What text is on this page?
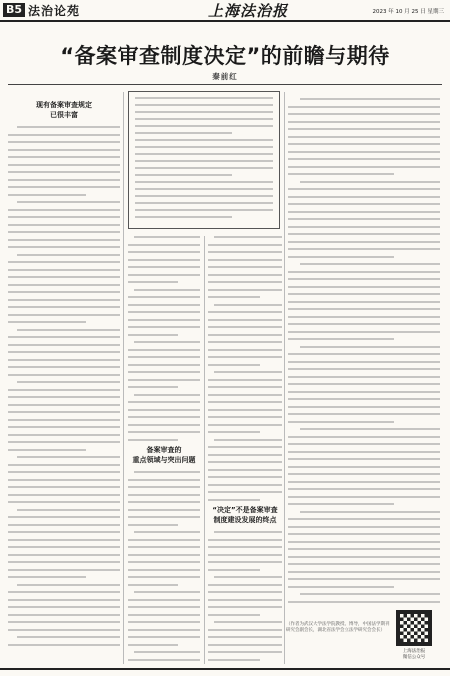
B5 法治论苑	上海法治报	2023 年 10 月 25 日 星期三
“备案审查制度决定”的前瞻与期待
秦前红
现有备案审查规定
已很丰富
备案审查的
重点领域与突出问题
“决定”不是备案审查
制度建设发展的终点
（作者为武汉大学法学院教授、博导，中国法学期刊研究会副会长，湖北省法学会立法学研究会会长）
上海法治报
微信公众号
